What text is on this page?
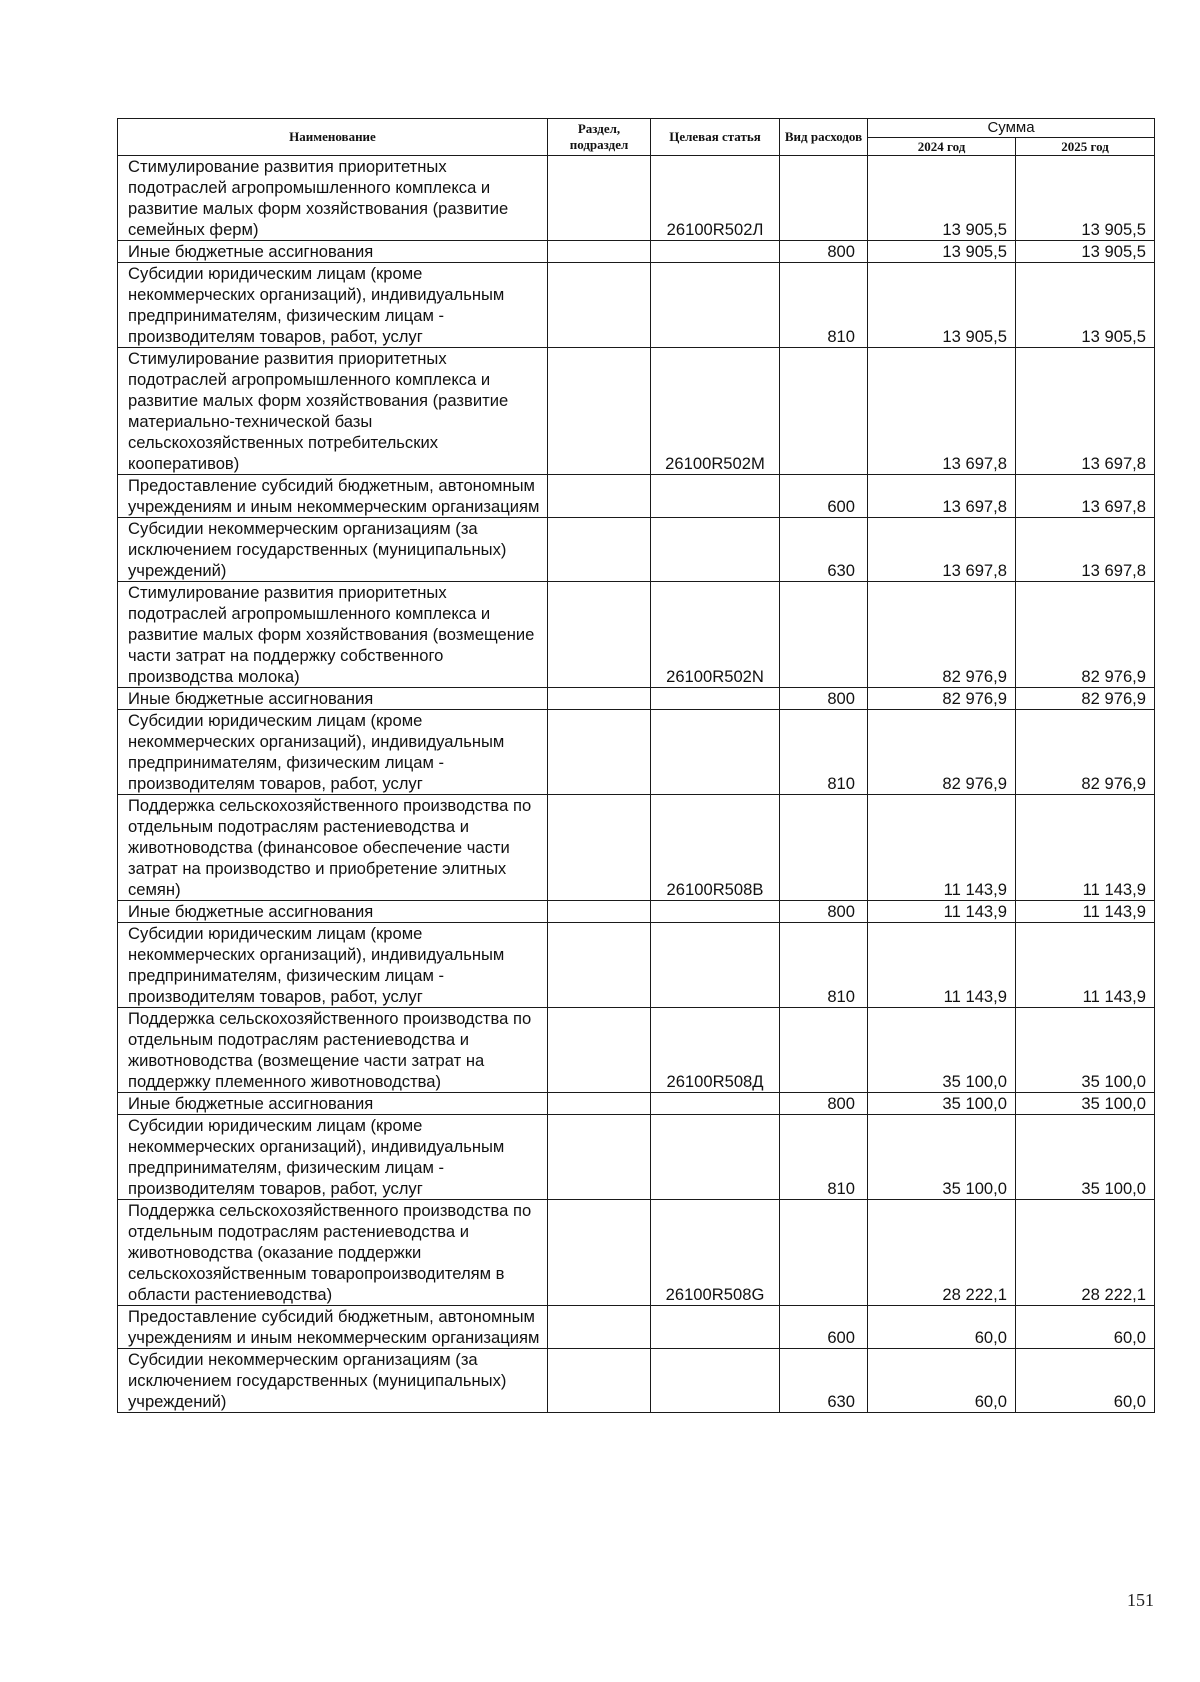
Наименование	Раздел, подраздел	Целевая статья	Вид расходов	Сумма	
				2024 год	2025 год
Стимулирование развития приоритетных подотраслей агропромышленного комплекса и развитие малых форм хозяйствования (развитие семейных ферм)		26100R502Л		13 905,5	13 905,5
Иные бюджетные ассигнования			800	13 905,5	13 905,5
Субсидии юридическим лицам (кроме некоммерческих организаций), индивидуальным предпринимателям, физическим лицам - производителям товаров, работ, услуг			810	13 905,5	13 905,5
Стимулирование развития приоритетных подотраслей агропромышленного комплекса и развитие малых форм хозяйствования (развитие материально-технической базы сельскохозяйственных потребительских кооперативов)		26100R502M		13 697,8	13 697,8
Предоставление субсидий бюджетным, автономным учреждениям и иным некоммерческим организациям			600	13 697,8	13 697,8
Субсидии некоммерческим организациям (за исключением государственных (муниципальных) учреждений)			630	13 697,8	13 697,8
Стимулирование развития приоритетных подотраслей агропромышленного комплекса и развитие малых форм хозяйствования (возмещение части затрат на поддержку собственного производства молока)		26100R502N		82 976,9	82 976,9
Иные бюджетные ассигнования			800	82 976,9	82 976,9
Субсидии юридическим лицам (кроме некоммерческих организаций), индивидуальным предпринимателям, физическим лицам - производителям товаров, работ, услуг			810	82 976,9	82 976,9
Поддержка сельскохозяйственного производства по отдельным подотраслям растениеводства и животноводства (финансовое обеспечение части затрат на производство и приобретение элитных семян)		26100R508B		11 143,9	11 143,9
Иные бюджетные ассигнования			800	11 143,9	11 143,9
Субсидии юридическим лицам (кроме некоммерческих организаций), индивидуальным предпринимателям, физическим лицам - производителям товаров, работ, услуг			810	11 143,9	11 143,9
Поддержка сельскохозяйственного производства по отдельным подотраслям растениеводства и животноводства (возмещение части затрат на поддержку племенного животноводства)		26100R508Д		35 100,0	35 100,0
Иные бюджетные ассигнования			800	35 100,0	35 100,0
Субсидии юридическим лицам (кроме некоммерческих организаций), индивидуальным предпринимателям, физическим лицам - производителям товаров, работ, услуг			810	35 100,0	35 100,0
Поддержка сельскохозяйственного производства по отдельным подотраслям растениеводства и животноводства (оказание поддержки сельскохозяйственным товаропроизводителям в области растениеводства)		26100R508G		28 222,1	28 222,1
Предоставление субсидий бюджетным, автономным учреждениям и иным некоммерческим организациям			600	60,0	60,0
Субсидии некоммерческим организациям (за исключением государственных (муниципальных) учреждений)			630	60,0	60,0
151
